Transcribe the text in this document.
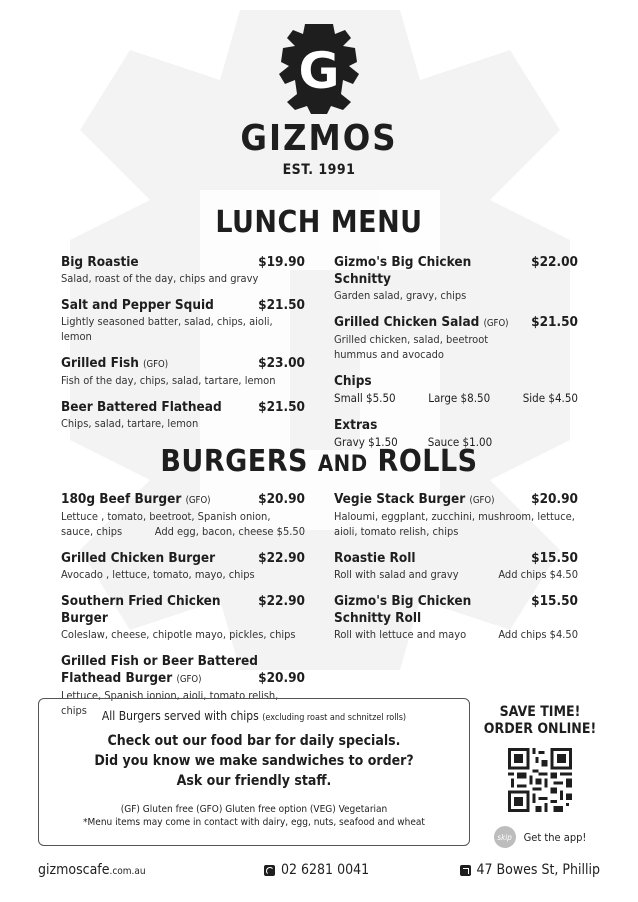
G
GIZMOS
EST. 1991
LUNCH MENU
Big Roastie	$19.90
Salad, roast of the day, chips and gravy
Salt and Pepper Squid	$21.50
Lightly seasoned batter, salad, chips, aioli, lemon
Grilled Fish (GFO)	$23.00
Fish of the day, chips, salad, tartare, lemon
Beer Battered Flathead	$21.50
Chips, salad, tartare, lemon
Gizmo's Big Chicken Schnitty
$22.00
Garden salad, gravy, chips
Grilled Chicken Salad (GFO) $21.50
Grilled chicken, salad, beetroot hummus and avocado
Chips
Small $5.50	Large $8.50	Side $4.50
Extras
Gravy $1.50	Sauce $1.00
BURGERS AND ROLLS
180g Beef Burger (GFO)	$20.90
Lettuce , tomato, beetroot, Spanish onion,
sauce, chips	Add egg, bacon, cheese $5.50
Grilled Chicken Burger	$22.90
Avocado , lettuce, tomato, mayo, chips
Southern Fried Chicken Burger
$22.90
Coleslaw, cheese, chipotle mayo, pickles, chips
Grilled Fish or Beer Battered
Flathead Burger (GFO)	$20.90
Lettuce, Spanish ionion, aioli, tomato relish, chips
Vegie Stack Burger (GFO)	$20.90
Haloumi, eggplant, zucchini, mushroom, lettuce, aioli, tomato relish, chips
Roastie Roll	$15.50
Roll with salad and gravy	Add chips $4.50
Gizmo's Big Chicken Schnitty Roll
$15.50
Roll with lettuce and mayo	Add chips $4.50
All Burgers served with chips (excluding roast and schnitzel rolls)
Check out our food bar for daily specials.
Did you know we make sandwiches to order?
Ask our friendly staff.
(GF) Gluten free (GFO) Gluten free option (VEG) Vegetarian
*Menu items may come in contact with dairy, egg, nuts, seafood and wheat
SAVE TIME!
ORDER ONLINE!
skip	Get the app!
gizmoscafe.com.au	02 6281 0041	47 Bowes St, Phillip
